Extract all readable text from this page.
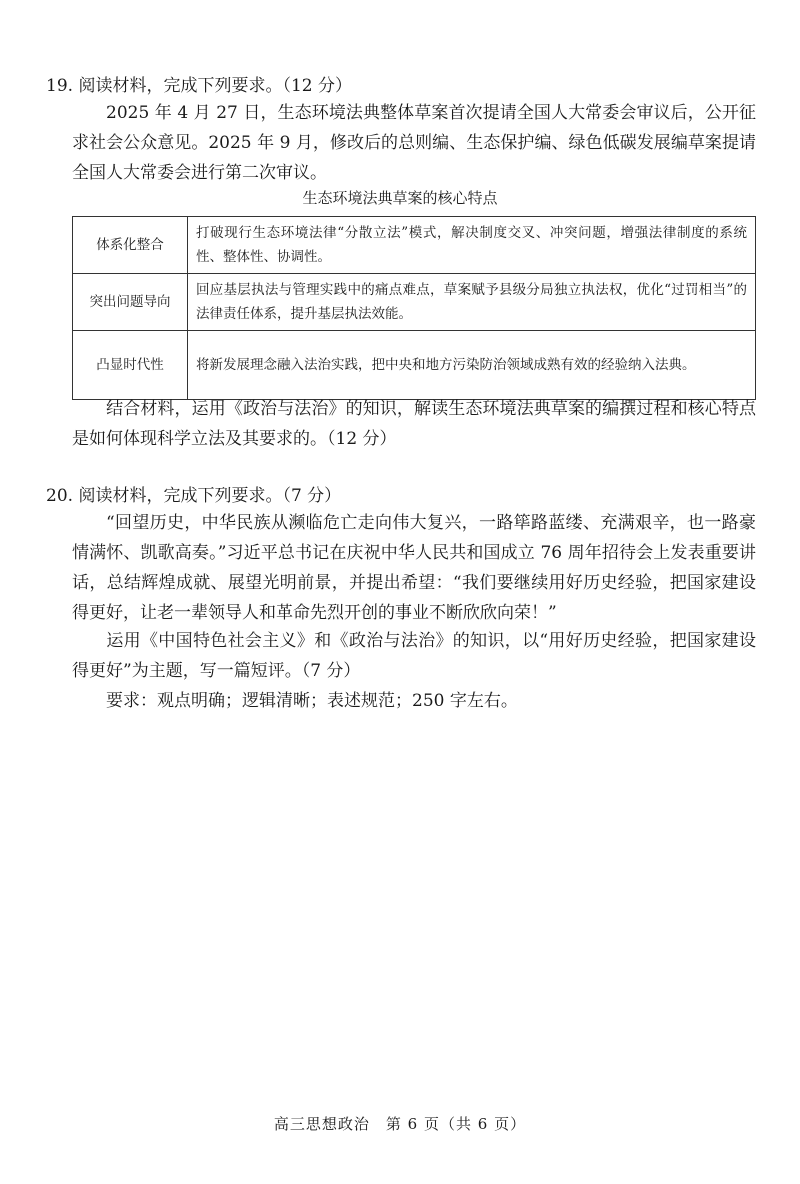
19. 阅读材料，完成下列要求。（12 分）
2025 年 4 月 27 日，生态环境法典整体草案首次提请全国人大常委会审议后，公开征求社会公众意见。2025 年 9 月，修改后的总则编、生态保护编、绿色低碳发展编草案提请全国人大常委会进行第二次审议。
生态环境法典草案的核心特点
体系化整合	打破现行生态环境法律“分散立法”模式，解决制度交叉、冲突问题，增强法律制度的系统性、整体性、协调性。
突出问题导向	回应基层执法与管理实践中的痛点难点，草案赋予县级分局独立执法权，优化“过罚相当”的法律责任体系，提升基层执法效能。
凸显时代性	将新发展理念融入法治实践，把中央和地方污染防治领域成熟有效的经验纳入法典。
结合材料，运用《政治与法治》的知识，解读生态环境法典草案的编撰过程和核心特点是如何体现科学立法及其要求的。（12 分）
20. 阅读材料，完成下列要求。（7 分）
“回望历史，中华民族从濒临危亡走向伟大复兴，一路筚路蓝缕、充满艰辛，也一路豪情满怀、凯歌高奏。”习近平总书记在庆祝中华人民共和国成立 76 周年招待会上发表重要讲话，总结辉煌成就、展望光明前景，并提出希望：“我们要继续用好历史经验，把国家建设得更好，让老一辈领导人和革命先烈开创的事业不断欣欣向荣！”
运用《中国特色社会主义》和《政治与法治》的知识，以“用好历史经验，把国家建设得更好”为主题，写一篇短评。（7 分）
要求：观点明确；逻辑清晰；表述规范；250 字左右。
高三思想政治　第 6 页（共 6 页）
